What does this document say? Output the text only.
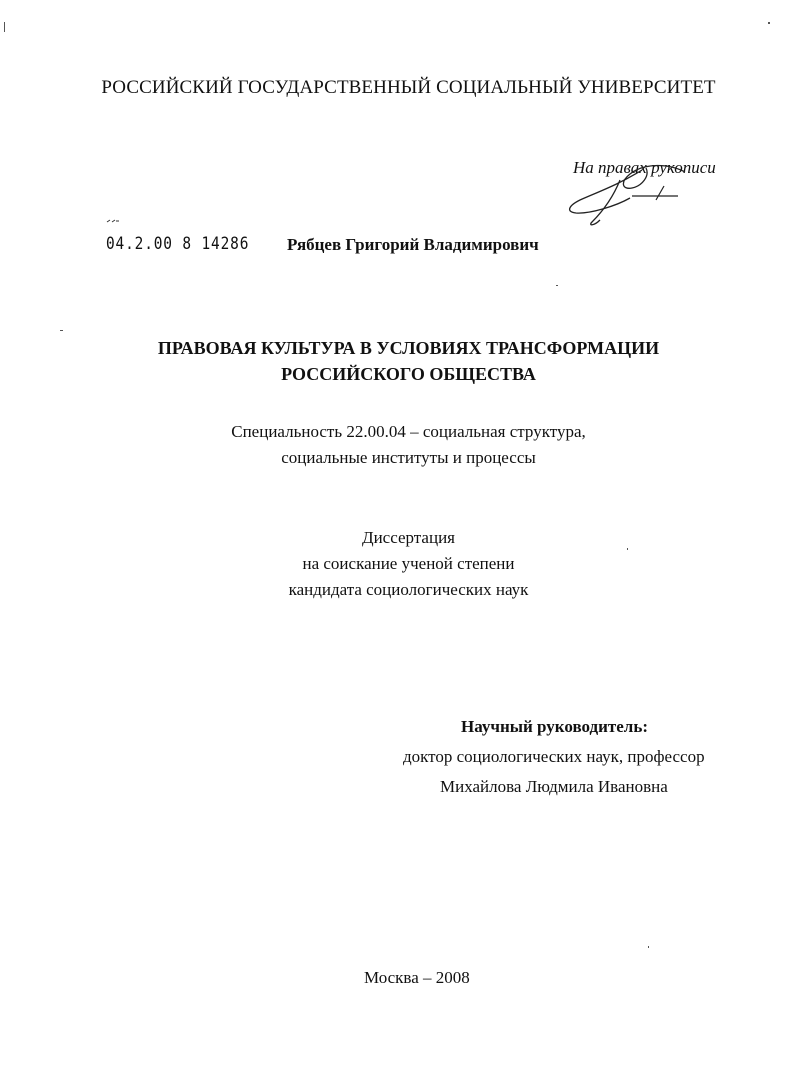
РОССИЙСКИЙ ГОСУДАРСТВЕННЫЙ СОЦИАЛЬНЫЙ УНИВЕРСИТЕТ
На правах рукописи
04.2.00 8 14286 Рябцев Григорий Владимирович
ПРАВОВАЯ КУЛЬТУРА В УСЛОВИЯХ ТРАНСФОРМАЦИИ
РОССИЙСКОГО ОБЩЕСТВА
Специальность 22.00.04 – социальная структура,
социальные институты и процессы
Диссертация
на соискание ученой степени
кандидата социологических наук
Научный руководитель:
доктор социологических наук, профессор
Михайлова Людмила Ивановна
Москва – 2008
